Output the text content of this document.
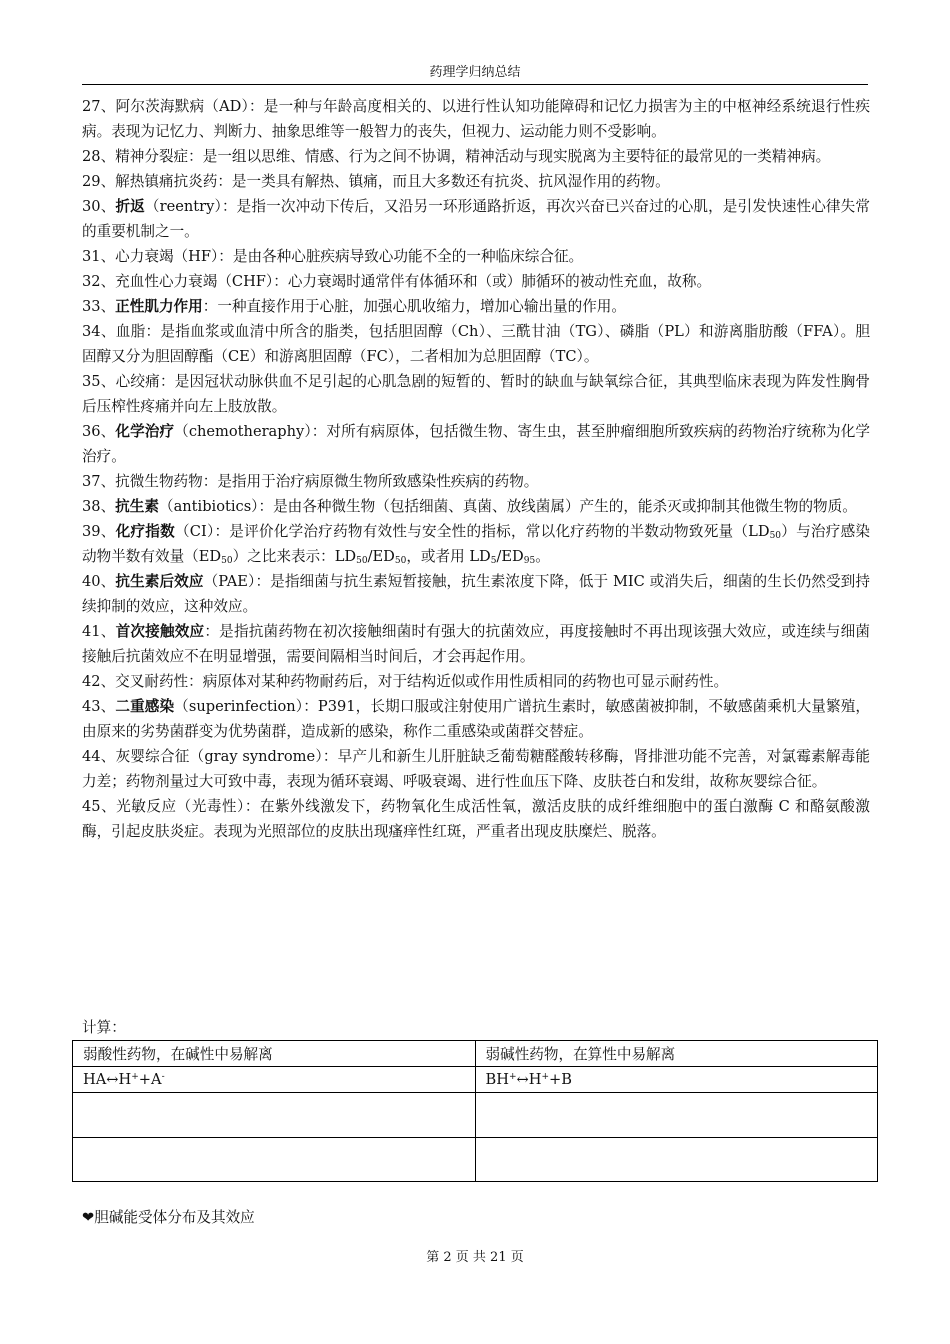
药理学归纳总结

27、阿尔茨海默病（AD）：是一种与年龄高度相关的、以进行性认知功能障碍和记忆力损害为主的中枢神经系统退行性疾病。表现为记忆力、判断力、抽象思维等一般智力的丧失，但视力、运动能力则不受影响。

28、精神分裂症：是一组以思维、情感、行为之间不协调，精神活动与现实脱离为主要特征的最常见的一类精神病。

29、解热镇痛抗炎药：是一类具有解热、镇痛，而且大多数还有抗炎、抗风湿作用的药物。

30、折返（reentry）：是指一次冲动下传后，又沿另一环形通路折返，再次兴奋已兴奋过的心肌，是引发快速性心律失常的重要机制之一。

31、心力衰竭（HF）：是由各种心脏疾病导致心功能不全的一种临床综合征。

32、充血性心力衰竭（CHF）：心力衰竭时通常伴有体循环和（或）肺循环的被动性充血，故称。

33、正性肌力作用：一种直接作用于心脏，加强心肌收缩力，增加心输出量的作用。

34、血脂：是指血浆或血清中所含的脂类，包括胆固醇（Ch）、三酰甘油（TG）、磷脂（PL）和游离脂肪酸（FFA）。胆固醇又分为胆固醇酯（CE）和游离胆固醇（FC），二者相加为总胆固醇（TC）。

35、心绞痛：是因冠状动脉供血不足引起的心肌急剧的短暂的、暂时的缺血与缺氧综合征，其典型临床表现为阵发性胸骨后压榨性疼痛并向左上肢放散。

36、化学治疗（chemotheraphy）：对所有病原体，包括微生物、寄生虫，甚至肿瘤细胞所致疾病的药物治疗统称为化学治疗。

37、抗微生物药物：是指用于治疗病原微生物所致感染性疾病的药物。

38、抗生素（antibiotics）：是由各种微生物（包括细菌、真菌、放线菌属）产生的，能杀灭或抑制其他微生物的物质。

39、化疗指数（CI）：是评价化学治疗药物有效性与安全性的指标，常以化疗药物的半数动物致死量$(LD_{50})$与治疗感染动物半数有效量$(ED_{50})$之比来表示：$LD_{50}/ED_{50}$，或者用 $LD_5/ED_{95}$。

40、抗生素后效应（PAE）：是指细菌与抗生素短暂接触，抗生素浓度下降，低于 MIC 或消失后，细菌的生长仍然受到持续抑制的效应，这种效应。

41、首次接触效应：是指抗菌药物在初次接触细菌时有强大的抗菌效应，再度接触时不再出现该强大效应，或连续与细菌接触后抗菌效应不在明显增强，需要间隔相当时间后，才会再起作用。

42、交叉耐药性：病原体对某种药物耐药后，对于结构近似或作用性质相同的药物也可显示耐药性。

43、二重感染（superinfection）：P391，长期口服或注射使用广谱抗生素时，敏感菌被抑制，不敏感菌乘机大量繁殖，由原来的劣势菌群变为优势菌群，造成新的感染，称作二重感染或菌群交替症。

44、灰婴综合征（gray syndrome）：早产儿和新生儿肝脏缺乏葡萄糖醛酸转移酶，肾排泄功能不完善，对氯霉素解毒能力差；药物剂量过大可致中毒，表现为循环衰竭、呼吸衰竭、进行性血压下降、皮肤苍白和发绀，故称灰婴综合征。

45、光敏反应（光毒性）：在紫外线激发下，药物氧化生成活性氧，激活皮肤的成纤维细胞中的蛋白激酶 C 和酪氨酸激酶，引起皮肤炎症。表现为光照部位的皮肤出现瘙痒性红斑，严重者出现皮肤糜烂、脱落。

计算：
弱酸性药物，在碱性中易解离	弱碱性药物，在算性中易解离
HA↔H++A-	BH+↔H++B

❤胆碱能受体分布及其效应
第 2 页 共 21 页
